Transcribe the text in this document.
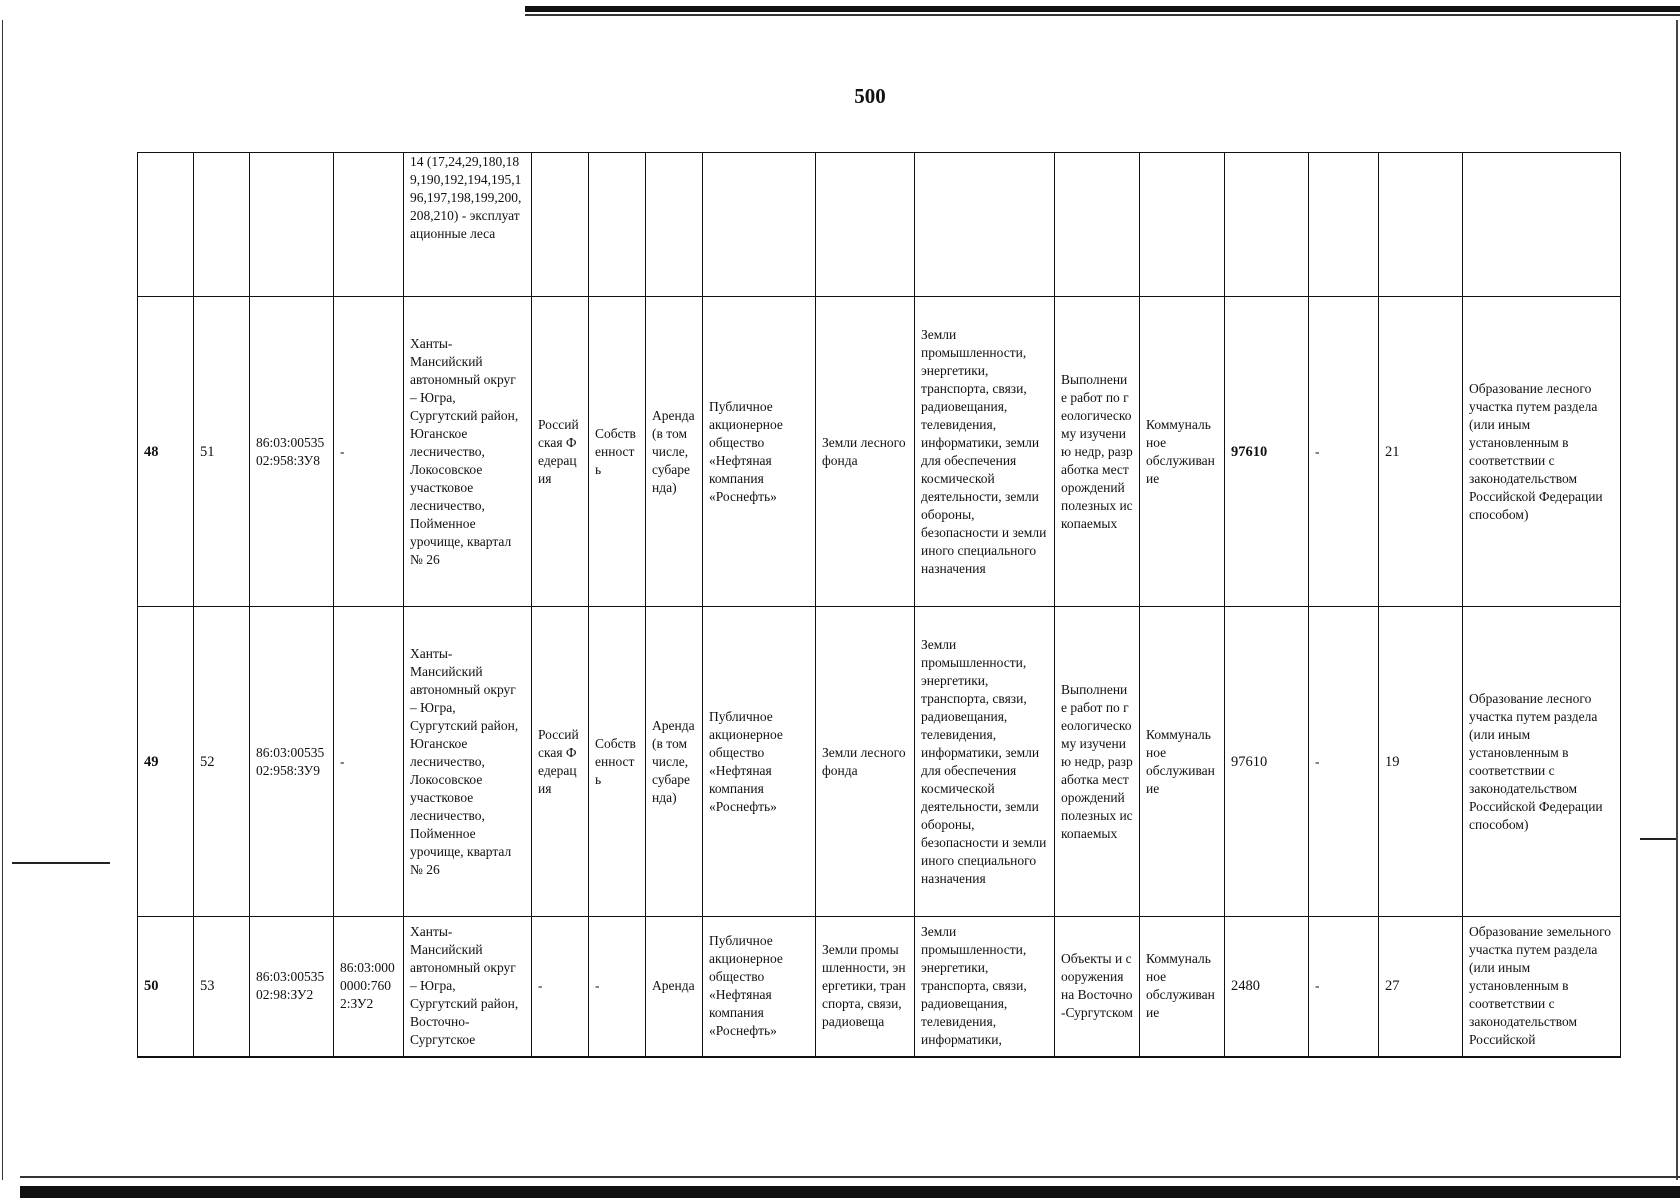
500

				14 (17,24,29,180,189,190,192,194,195,196,197,198,199,200,208,210) - эксплуатационные леса												

48	51	86:03:0053502:958:ЗУ8	-	Ханты-Мансийский автономный округ – Югра, Сургутский район, Юганское лесничество, Локосовское участковое лесничество, Пойменное урочище, квартал № 26	Российская Федерация	Собственность	Аренда (в том числе, субаренда)	Публичное акционерное общество «Нефтяная компания «Роснефть»	Земли лесного фонда	Земли промышленности, энергетики, транспорта, связи, радиовещания, телевидения, информатики, земли для обеспечения космической деятельности, земли обороны, безопасности и земли иного специального назначения	Выполнение работ по геологическому изучению недр, разработка месторождений полезных ископаемых	Коммунальное обслуживание	97610	-	21	Образование лесного участка путем раздела (или иным установленным в соответствии с законодательством Российской Федерации способом)
49	52	86:03:0053502:958:ЗУ9	-	Ханты-Мансийский автономный округ – Югра, Сургутский район, Юганское лесничество, Локосовское участковое лесничество, Пойменное урочище, квартал № 26	Российская Федерация	Собственность	Аренда (в том числе, субаренда)	Публичное акционерное общество «Нефтяная компания «Роснефть»	Земли лесного фонда	Земли промышленности, энергетики, транспорта, связи, радиовещания, телевидения, информатики, земли для обеспечения космической деятельности, земли обороны, безопасности и земли иного специального назначения	Выполнение работ по геологическому изучению недр, разработка месторождений полезных ископаемых	Коммунальное обслуживание	97610	-	19	Образование лесного участка путем раздела (или иным установленным в соответствии с законодательством Российской Федерации способом)
50	53	86:03:0053502:98:ЗУ2	86:03:0000000:7602:ЗУ2	Ханты-Мансийский автономный округ – Югра, Сургутский район, Восточно-Сургутское	-	-	Аренда	Публичное акционерное общество «Нефтяная компания «Роснефть»	Земли промышленности, энергетики, транспорта, связи, радиовеща	Земли промышленности, энергетики, транспорта, связи, радиовещания, телевидения, информатики,	Объекты и сооружения на Восточно-Сургутском	Коммунальное обслуживание	2480	-	27	Образование земельного участка путем раздела (или иным установленным в соответствии с законодательством Российской
